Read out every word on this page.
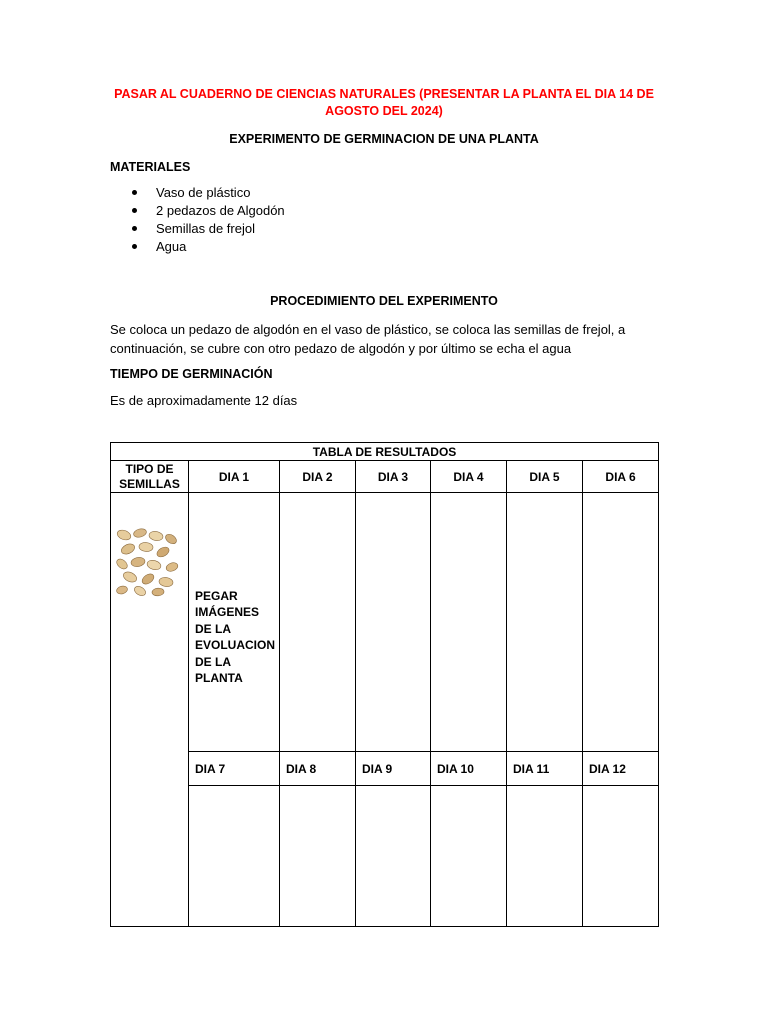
PASAR AL CUADERNO DE CIENCIAS NATURALES (PRESENTAR LA PLANTA EL DIA 14 DE AGOSTO DEL 2024)
EXPERIMENTO DE GERMINACION DE UNA PLANTA
MATERIALES
Vaso de plástico
2 pedazos de Algodón
Semillas de frejol
Agua
PROCEDIMIENTO DEL EXPERIMENTO
Se coloca un pedazo de algodón en el vaso de plástico, se coloca las semillas de frejol, a continuación, se cubre con otro pedazo de algodón y por último se echa el agua
TIEMPO DE GERMINACIÓN
Es de aproximadamente 12 días
TABLA DE RESULTADOS						
TIPO DE SEMILLAS	DIA 1	DIA 2	DIA 3	DIA 4	DIA 5	DIA 6

	PEGAR IMÁGENES DE LA EVOLUACION DE LA PLANTA					
	DIA 7	DIA 8	DIA 9	DIA 10	DIA 11	DIA 12
